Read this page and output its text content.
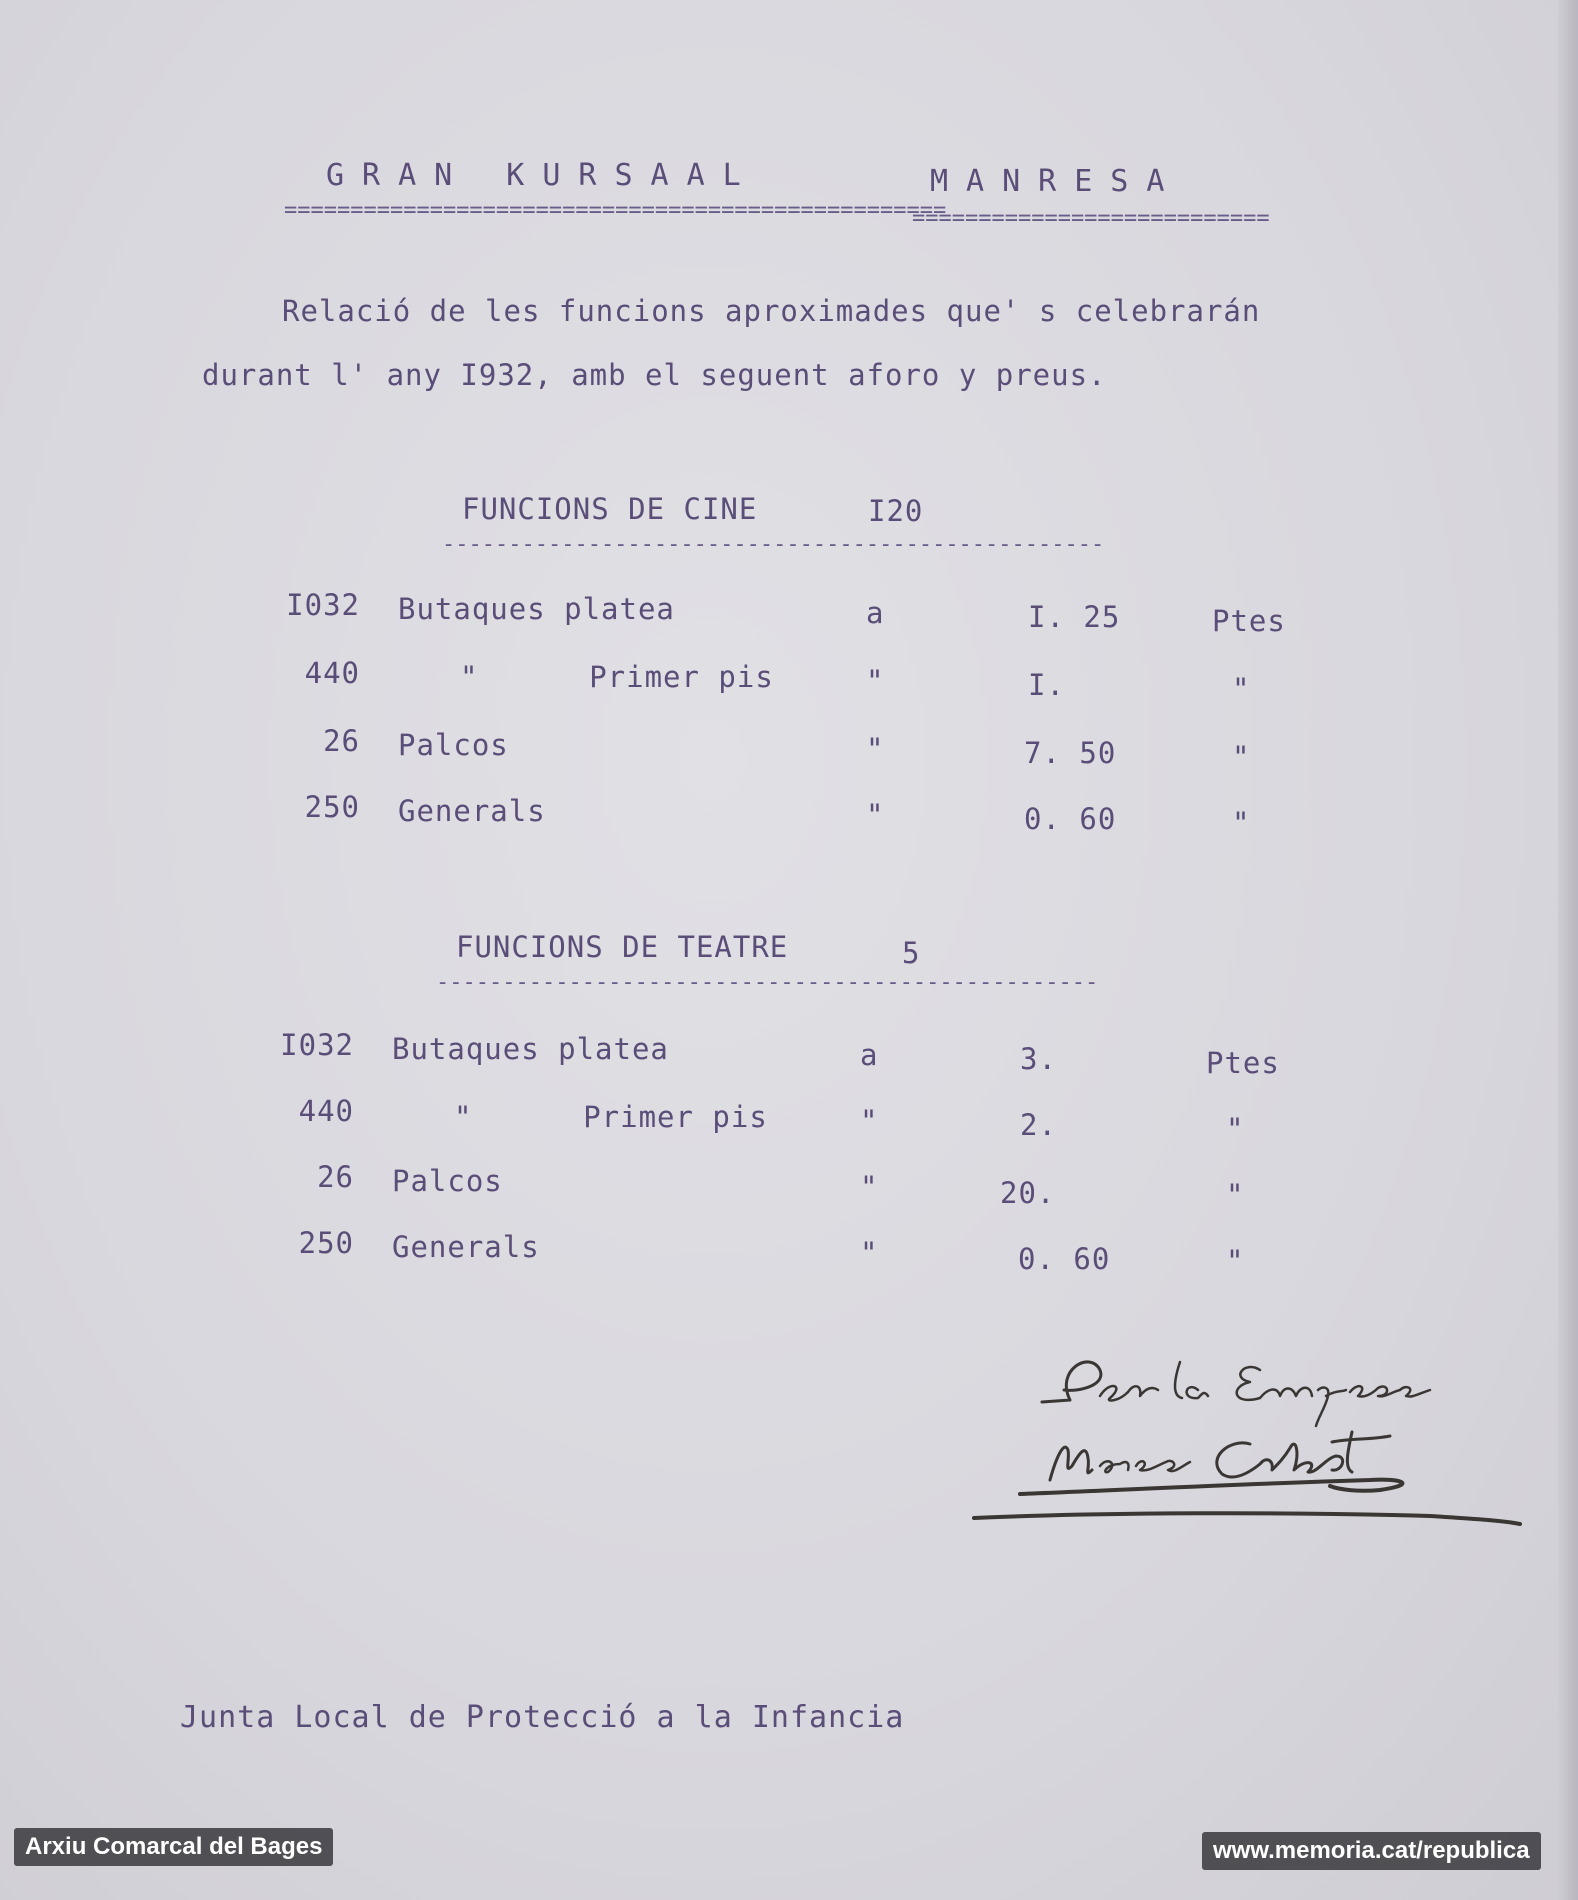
GRAN KURSAAL	MANRESA
==================================================
===========================
Relació de les funcions aproximades que' s celebrarán
durant l' any I932, amb el seguent aforo y preus.
FUNCIONS DE CINE	I20
--------------------------------------------------
I032 Butaques platea	a	I. 25	Ptes
440	"      Primer pis	"	I.	"
26 Palcos	"	7. 50	"
250 Generals	"	0. 60	"
FUNCIONS DE TEATRE	5
--------------------------------------------------
I032 Butaques platea	a	3.	Ptes
440	"      Primer pis	"	2.	"
26 Palcos	"	20.	"
250 Generals	"	0. 60	"
Junta Local de Protecció a la Infancia
Arxiu Comarcal del Bages	www.memoria.cat/republica
